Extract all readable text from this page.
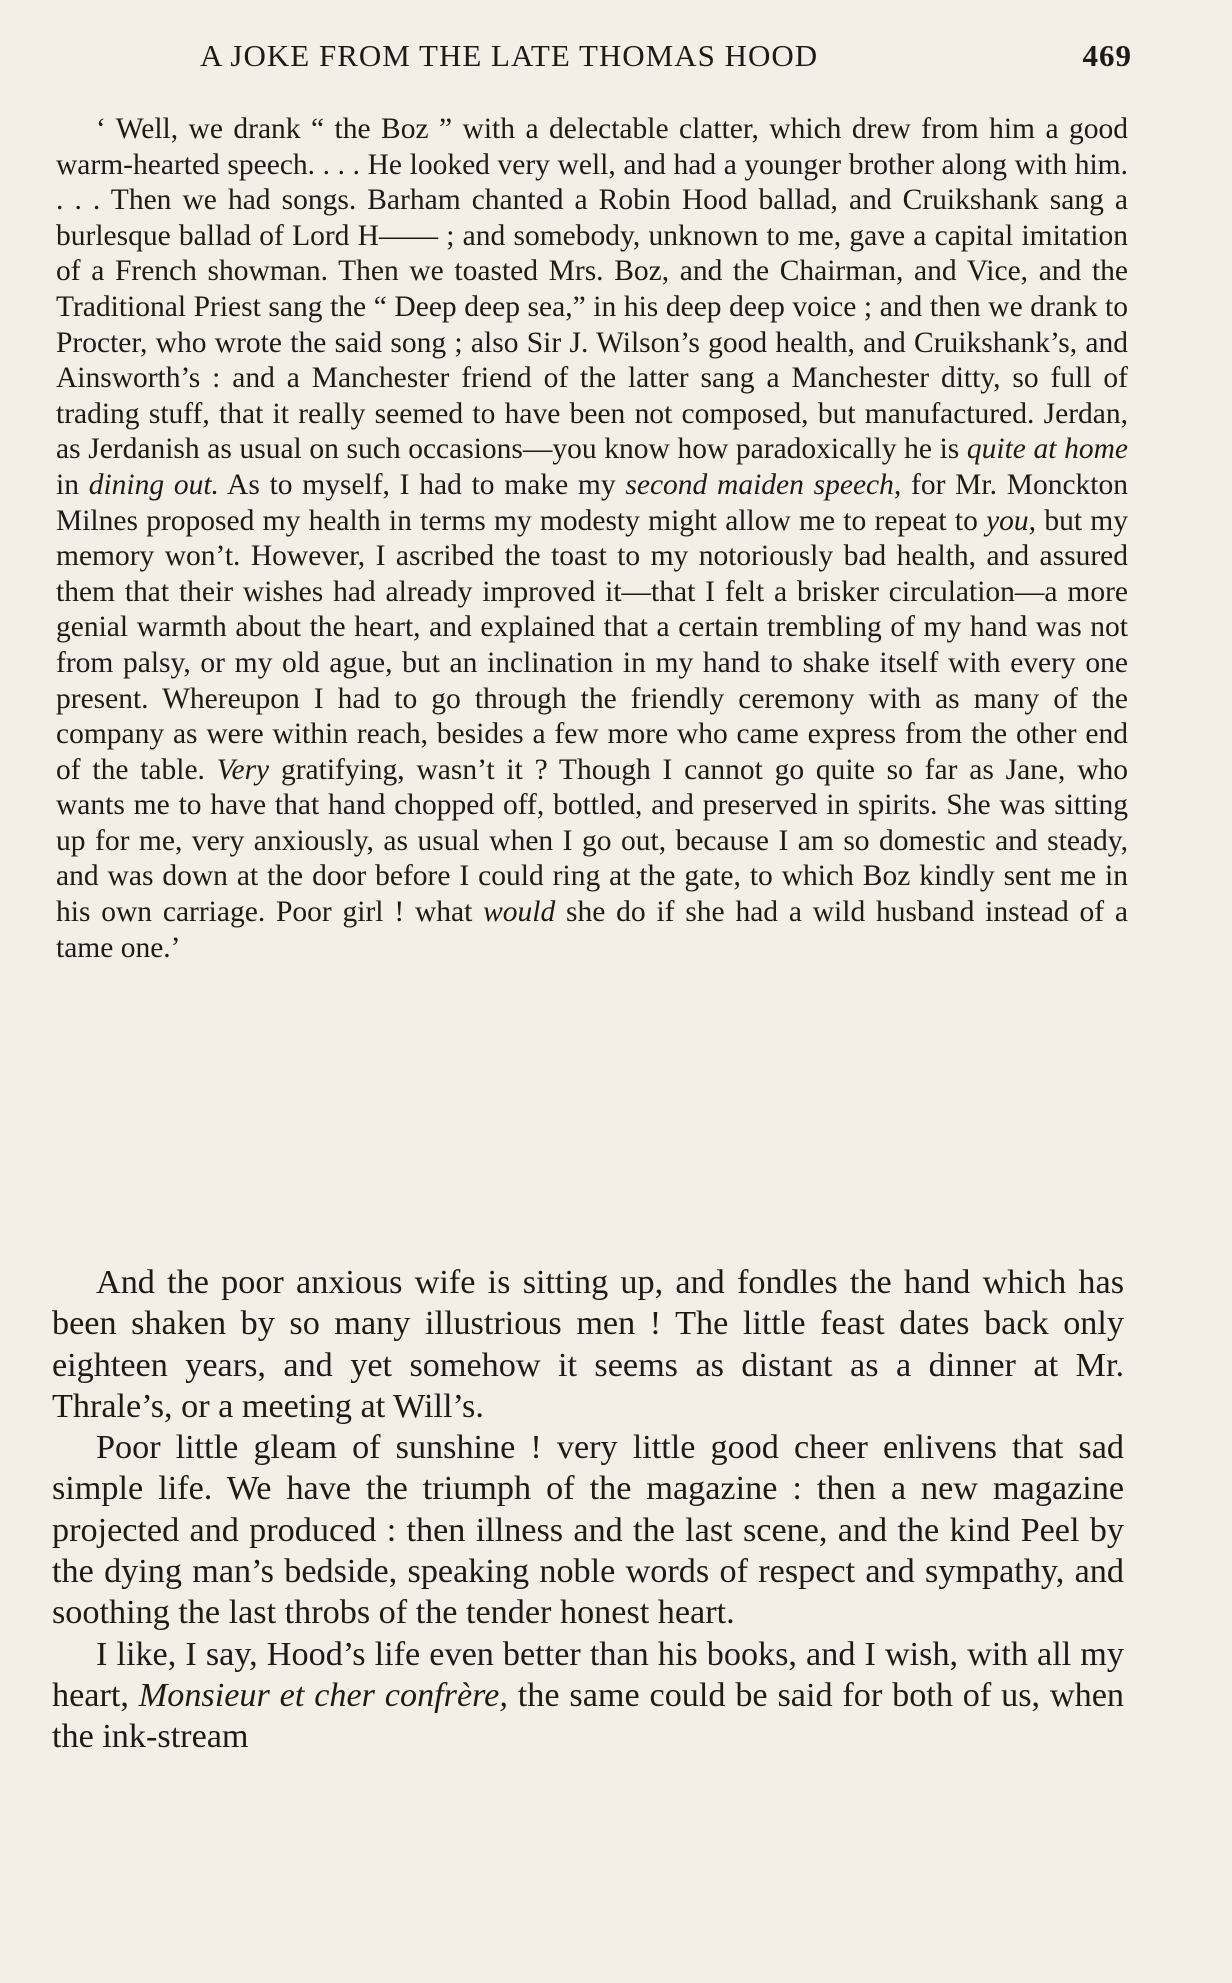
A JOKE FROM THE LATE THOMAS HOOD	469

‘ Well, we drank “ the Boz ” with a delectable clatter, which drew from him a good warm-hearted speech. . . . He looked very well, and had a younger brother along with him. . . . Then we had songs. Barham chanted a Robin Hood ballad, and Cruikshank sang a burlesque ballad of Lord H—— ; and somebody, unknown to me, gave a capital imitation of a French showman. Then we toasted Mrs. Boz, and the Chairman, and Vice, and the Traditional Priest sang the “ Deep deep sea,” in his deep deep voice ; and then we drank to Procter, who wrote the said song ; also Sir J. Wilson’s good health, and Cruikshank’s, and Ainsworth’s : and a Manchester friend of the latter sang a Manchester ditty, so full of trading stuff, that it really seemed to have been not composed, but manufactured. Jerdan, as Jerdanish as usual on such occasions—you know how paradoxically he is quite at home in dining out. As to myself, I had to make my second maiden speech, for Mr. Monckton Milnes proposed my health in terms my modesty might allow me to repeat to you, but my memory won’t. However, I ascribed the toast to my notoriously bad health, and assured them that their wishes had already improved it—that I felt a brisker circulation—a more genial warmth about the heart, and explained that a certain trembling of my hand was not from palsy, or my old ague, but an inclination in my hand to shake itself with every one present. Whereupon I had to go through the friendly ceremony with as many of the company as were within reach, besides a few more who came express from the other end of the table. Very gratifying, wasn’t it ? Though I cannot go quite so far as Jane, who wants me to have that hand chopped off, bottled, and preserved in spirits. She was sitting up for me, very anxiously, as usual when I go out, because I am so domestic and steady, and was down at the door before I could ring at the gate, to which Boz kindly sent me in his own carriage. Poor girl ! what would she do if she had a wild husband instead of a tame one.’

And the poor anxious wife is sitting up, and fondles the hand which has been shaken by so many illustrious men ! The little feast dates back only eighteen years, and yet somehow it seems as distant as a dinner at Mr. Thrale’s, or a meeting at Will’s.

Poor little gleam of sunshine ! very little good cheer enlivens that sad simple life. We have the triumph of the magazine : then a new magazine projected and produced : then illness and the last scene, and the kind Peel by the dying man’s bedside, speaking noble words of respect and sympathy, and soothing the last throbs of the tender honest heart.

I like, I say, Hood’s life even better than his books, and I wish, with all my heart, Monsieur et cher confrère, the same could be said for both of us, when the ink-stream
